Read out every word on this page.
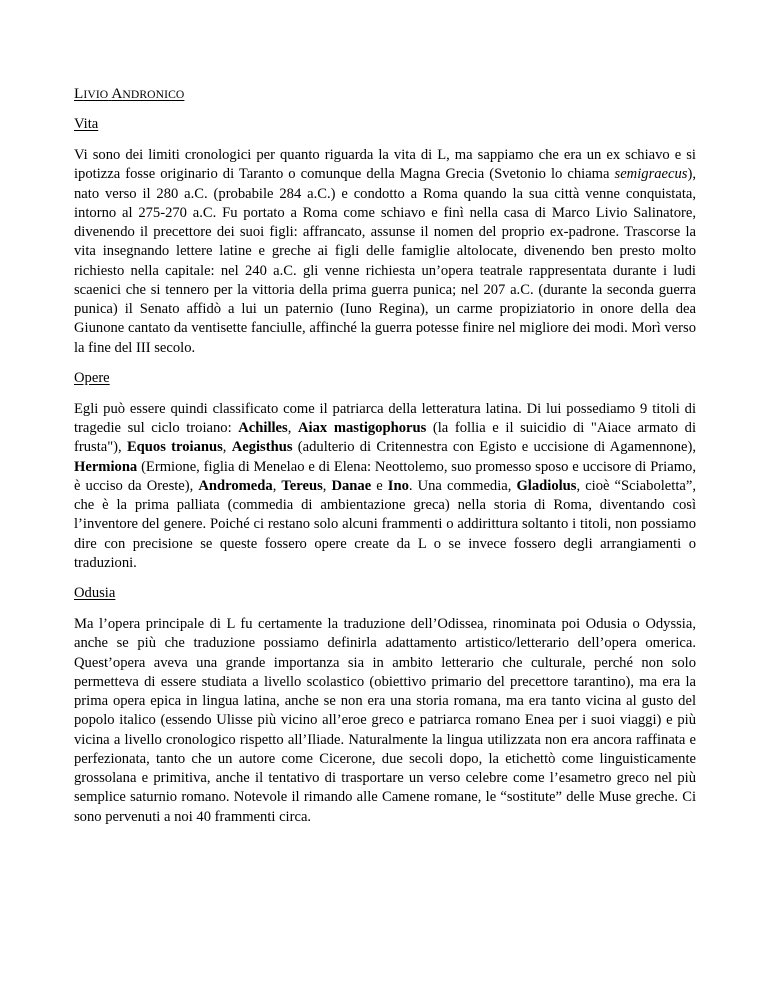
LIVIO ANDRONICO
Vita

Vi sono dei limiti cronologici per quanto riguarda la vita di L, ma sappiamo che era un ex schiavo e si ipotizza fosse originario di Taranto o comunque della Magna Grecia (Svetonio lo chiama semigraecus), nato verso il 280 a.C. (probabile 284 a.C.) e condotto a Roma quando la sua città venne conquistata, intorno al 275-270 a.C. Fu portato a Roma come schiavo e finì nella casa di Marco Livio Salinatore, divenendo il precettore dei suoi figli: affrancato, assunse il nomen del proprio ex-padrone. Trascorse la vita insegnando lettere latine e greche ai figli delle famiglie altolocate, divenendo ben presto molto richiesto nella capitale: nel 240 a.C. gli venne richiesta un’opera teatrale rappresentata durante i ludi scaenici che si tennero per la vittoria della prima guerra punica; nel 207 a.C. (durante la seconda guerra punica) il Senato affidò a lui un paternio (Iuno Regina), un carme propiziatorio in onore della dea Giunone cantato da ventisette fanciulle, affinché la guerra potesse finire nel migliore dei modi. Morì verso la fine del III secolo.

Opere

Egli può essere quindi classificato come il patriarca della letteratura latina. Di lui possediamo 9 titoli di tragedie sul ciclo troiano: Achilles, Aiax mastigophorus (la follia e il suicidio di "Aiace armato di frusta"), Equos troianus, Aegisthus (adulterio di Critennestra con Egisto e uccisione di Agamennone), Hermiona (Ermione, figlia di Menelao e di Elena: Neottolemo, suo promesso sposo e uccisore di Priamo, è ucciso da Oreste), Andromeda, Tereus, Danae e Ino. Una commedia, Gladiolus, cioè “Sciaboletta”, che è la prima palliata (commedia di ambientazione greca) nella storia di Roma, diventando così l’inventore del genere. Poiché ci restano solo alcuni frammenti o addirittura soltanto i titoli, non possiamo dire con precisione se queste fossero opere create da L o se invece fossero degli arrangiamenti o traduzioni.

Odusia

Ma l’opera principale di L fu certamente la traduzione dell’Odissea, rinominata poi Odusia o Odyssia, anche se più che traduzione possiamo definirla adattamento artistico/letterario dell’opera omerica. Quest’opera aveva una grande importanza sia in ambito letterario che culturale, perché non solo permetteva di essere studiata a livello scolastico (obiettivo primario del precettore tarantino), ma era la prima opera epica in lingua latina, anche se non era una storia romana, ma era tanto vicina al gusto del popolo italico (essendo Ulisse più vicino all’eroe greco e patriarca romano Enea per i suoi viaggi) e più vicina a livello cronologico rispetto all’Iliade. Naturalmente la lingua utilizzata non era ancora raffinata e perfezionata, tanto che un autore come Cicerone, due secoli dopo, la etichettò come linguisticamente grossolana e primitiva, anche il tentativo di trasportare un verso celebre come l’esametro greco nel più semplice saturnio romano. Notevole il rimando alle Camene romane, le “sostitute” delle Muse greche. Ci sono pervenuti a noi 40 frammenti circa.
